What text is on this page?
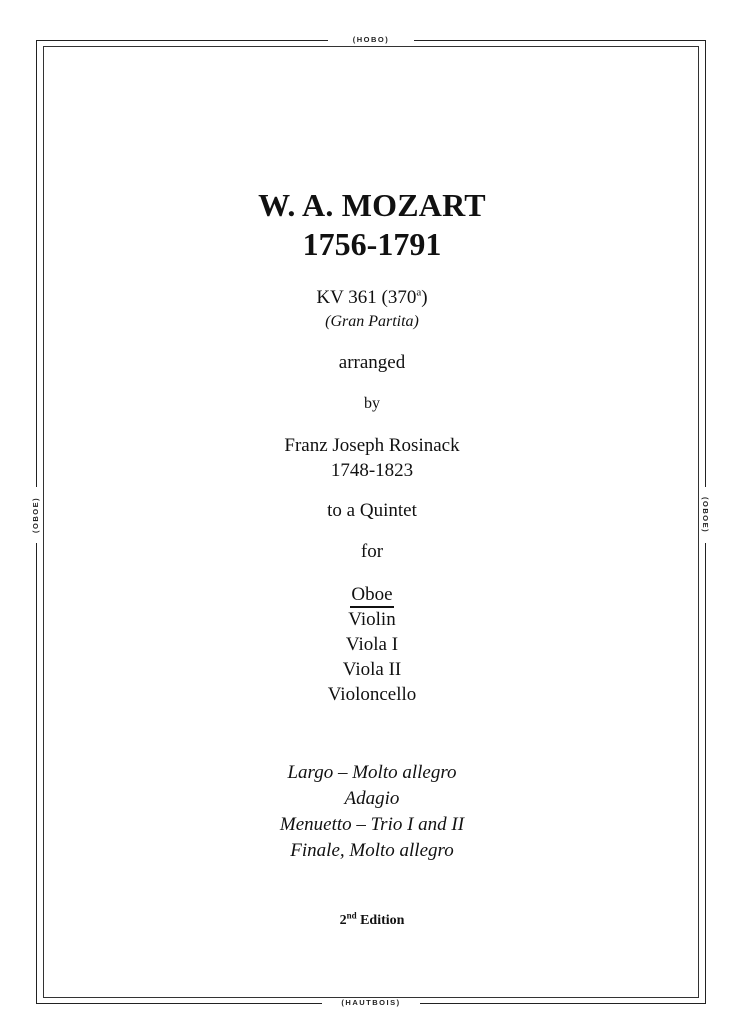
(HOBO)
(HAUTBOIS)
(OBOE)	(OBOE)
W. A. MOZART
1756-1791
KV 361 (370$^a$)
(Gran Partita)
arranged
by
Franz Joseph Rosinack
1748-1823
to a Quintet
for
Oboe
Violin
Viola I
Viola II
Violoncello
Largo – Molto allegro
Adagio
Menuetto – Trio I and II
Finale, Molto allegro
2nd Edition
